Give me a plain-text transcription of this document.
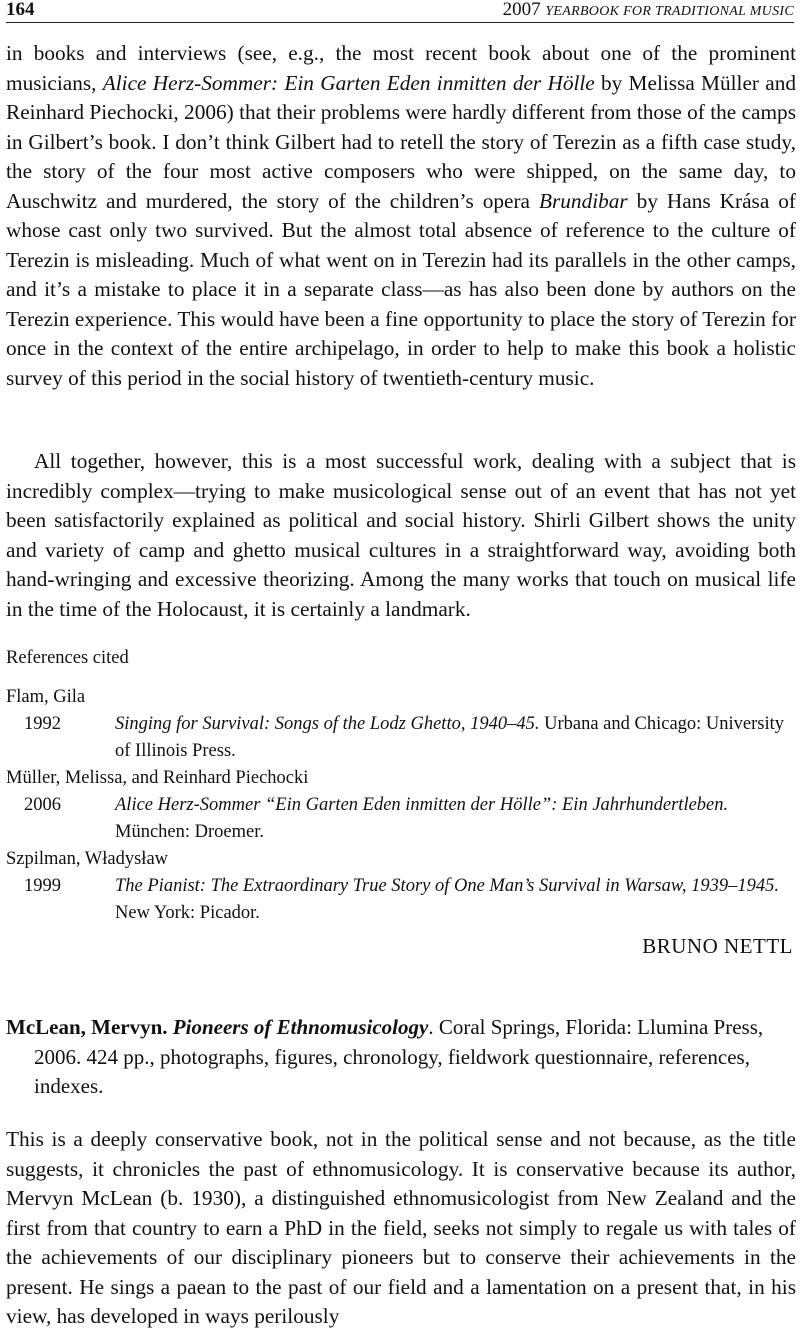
164	2007 YEARBOOK FOR TRADITIONAL MUSIC

in books and interviews (see, e.g., the most recent book about one of the prominent musicians, Alice Herz-Sommer: Ein Garten Eden inmitten der Hölle by Melissa Müller and Reinhard Piechocki, 2006) that their problems were hardly different from those of the camps in Gilbert’s book. I don’t think Gilbert had to retell the story of Terezin as a fifth case study, the story of the four most active composers who were shipped, on the same day, to Auschwitz and murdered, the story of the children’s opera Brundibar by Hans Krása of whose cast only two survived. But the almost total absence of reference to the culture of Terezin is misleading. Much of what went on in Terezin had its parallels in the other camps, and it’s a mistake to place it in a separate class—as has also been done by authors on the Terezin experience. This would have been a fine opportunity to place the story of Terezin for once in the context of the entire archipelago, in order to help to make this book a holistic survey of this period in the social history of twentieth-century music.

All together, however, this is a most successful work, dealing with a subject that is incredibly complex—trying to make musicological sense out of an event that has not yet been satisfactorily explained as political and social history. Shirli Gilbert shows the unity and variety of camp and ghetto musical cultures in a straightforward way, avoiding both hand-wringing and excessive theorizing. Among the many works that touch on musical life in the time of the Holocaust, it is certainly a landmark.

References cited

Flam, Gila

1992	Singing for Survival: Songs of the Lodz Ghetto, 1940–45. Urbana and Chicago: University of Illinois Press.

Müller, Melissa, and Reinhard Piechocki

2006	Alice Herz-Sommer “Ein Garten Eden inmitten der Hölle”: Ein Jahrhundertleben. München: Droemer.

Szpilman, Władysław

1999	The Pianist: The Extraordinary True Story of One Man’s Survival in Warsaw, 1939–1945. New York: Picador.

BRUNO NETTL

McLean, Mervyn. Pioneers of Ethnomusicology. Coral Springs, Florida: Llumina Press, 2006. 424 pp., photographs, figures, chronology, fieldwork questionnaire, references, indexes.

This is a deeply conservative book, not in the political sense and not because, as the title suggests, it chronicles the past of ethnomusicology. It is conservative because its author, Mervyn McLean (b. 1930), a distinguished ethnomusicologist from New Zealand and the first from that country to earn a PhD in the field, seeks not simply to regale us with tales of the achievements of our disciplinary pioneers but to conserve their achievements in the present. He sings a paean to the past of our field and a lamentation on a present that, in his view, has developed in ways perilously
